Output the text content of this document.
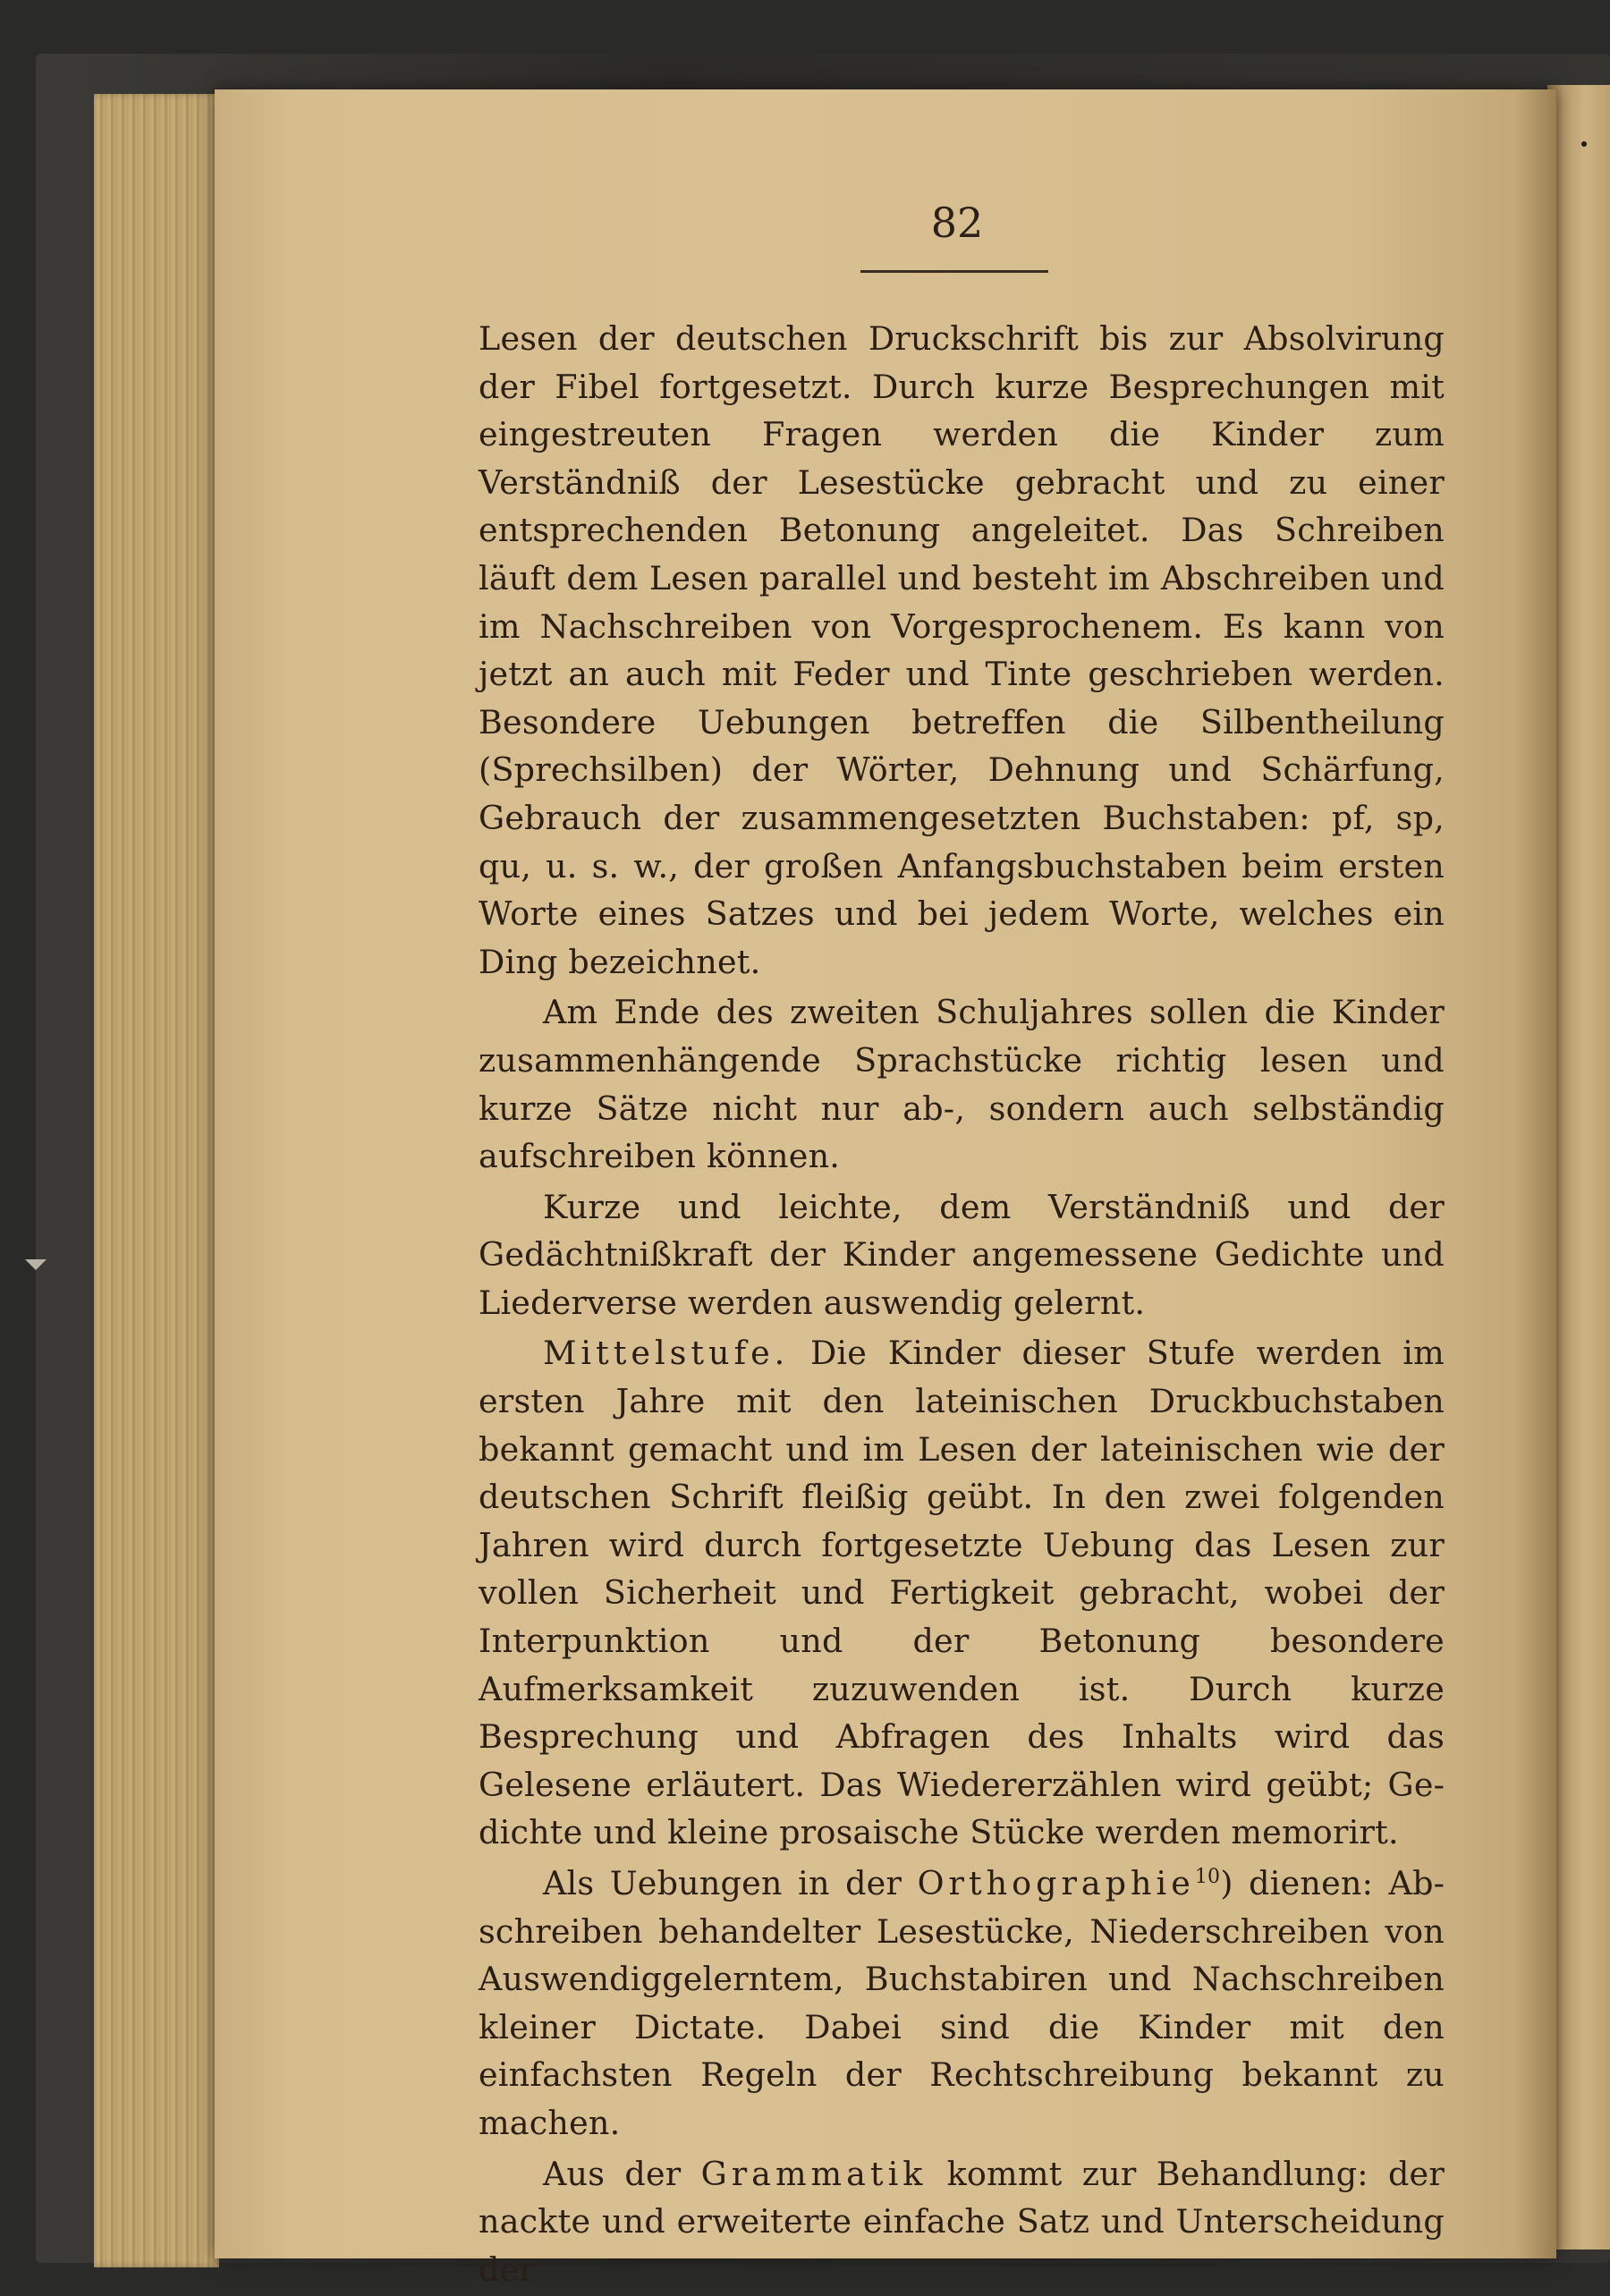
82

Lesen der deutschen Druckschrift bis zur Absolvirung der Fibel fortgesetzt. Durch kurze Besprechungen mit eingestreuten Fragen werden die Kinder zum Verständniß der Lesestücke gebracht und zu einer entsprechenden Betonung angeleitet. Das Schreiben läuft dem Lesen parallel und besteht im Abschreiben und im Nachschreiben von Vorgesprochenem. Es kann von jetzt an auch mit Feder und Tinte geschrieben werden. Besondere Uebungen betreffen die Silbentheilung (Sprechsilben) der Wörter, Dehnung und Schärfung, Gebrauch der zusammengesetzten Buchstaben: pf, sp, qu, u. s. w., der großen Anfangsbuchstaben beim ersten Worte eines Satzes und bei jedem Worte, welches ein Ding bezeichnet.

Am Ende des zweiten Schuljahres sollen die Kinder zusammenhängende Sprachstücke richtig lesen und kurze Sätze nicht nur ab-, sondern auch selbständig aufschreiben können.

Kurze und leichte, dem Verständniß und der Gedächtnißkraft der Kinder angemessene Gedichte und Liederverse werden auswendig gelernt.

Mittelstufe. Die Kinder dieser Stufe werden im ersten Jahre mit den lateinischen Druckbuchstaben bekannt gemacht und im Lesen der lateinischen wie der deutschen Schrift fleißig geübt. In den zwei folgenden Jahren wird durch fortgesetzte Uebung das Lesen zur vollen Sicherheit und Fertigkeit gebracht, wobei der Interpunktion und der Betonung besondere Aufmerksamkeit zuzuwenden ist. Durch kurze Besprechung und Abfragen des Inhalts wird das Gelesene erläutert. Das Wiedererzählen wird geübt; Gedichte und kleine prosaische Stücke werden memorirt.

Als Uebungen in der Orthographie$^{10}$) dienen: Abschreiben behandelter Lesestücke, Niederschreiben von Auswendiggelerntem, Buchstabiren und Nachschreiben kleiner Dictate. Dabei sind die Kinder mit den einfachsten Regeln der Rechtschreibung bekannt zu machen.

Aus der Grammatik kommt zur Behandlung: der nackte und erweiterte einfache Satz und Unterscheidung der
